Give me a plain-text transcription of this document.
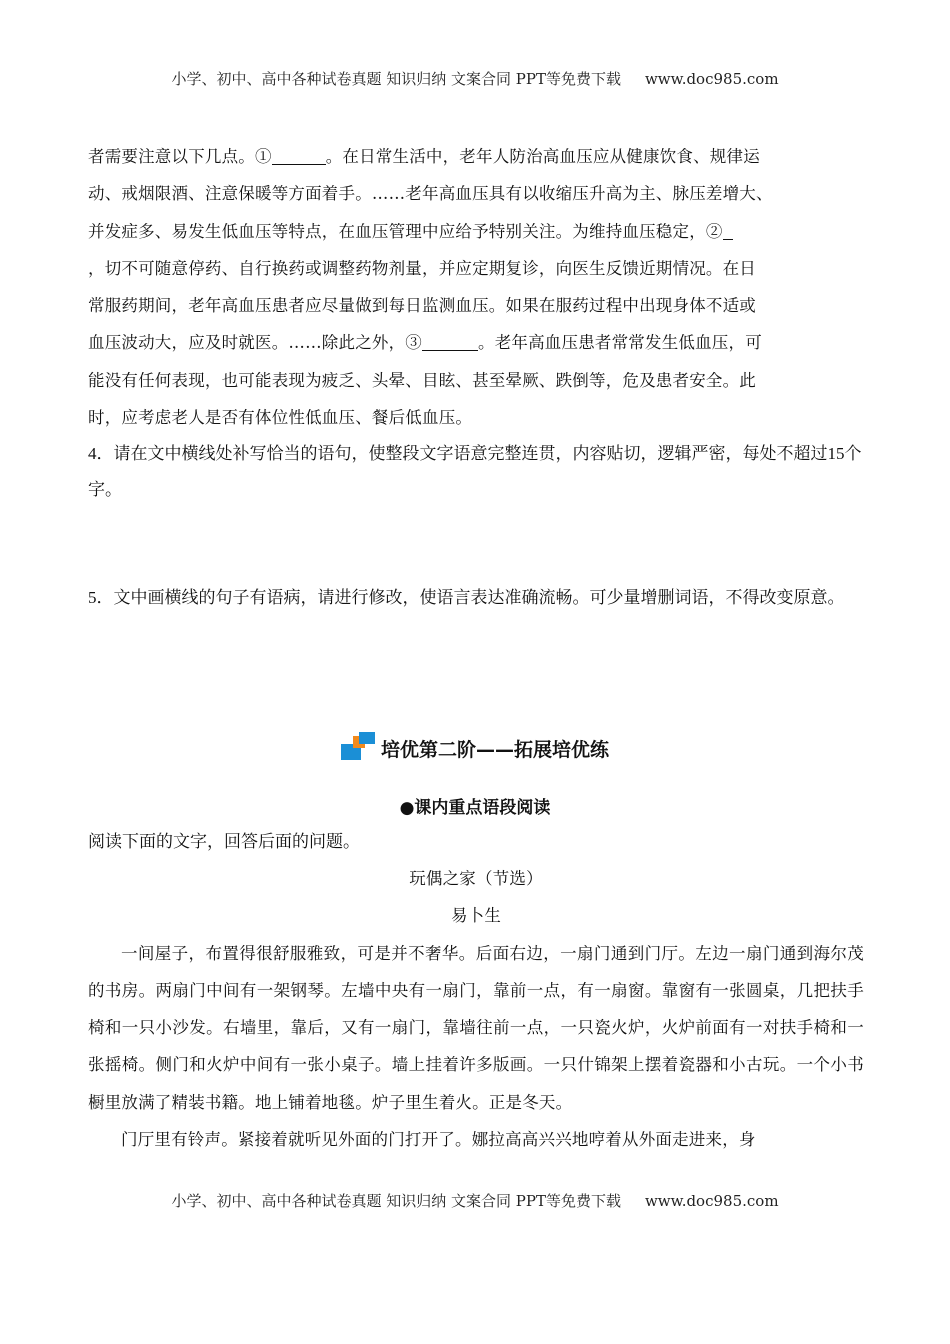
小学、初中、高中各种试卷真题 知识归纳 文案合同 PPT等免费下载 www.doc985.com

者需要注意以下几点。①	。在日常生活中，老年人防治高血压应从健康饮食、规律运

动、戒烟限酒、注意保暖等方面着手。……老年高血压具有以收缩压升高为主、脉压差增大、

并发症多、易发生低血压等特点，在血压管理中应给予特别关注。为维持血压稳定，②

，切不可随意停药、自行换药或调整药物剂量，并应定期复诊，向医生反馈近期情况。在日

常服药期间，老年高血压患者应尽量做到每日监测血压。如果在服药过程中出现身体不适或

血压波动大，应及时就医。……除此之外，③	。老年高血压患者常常发生低血压，可

能没有任何表现，也可能表现为疲乏、头晕、目眩、甚至晕厥、跌倒等，危及患者安全。此

时，应考虑老人是否有体位性低血压、餐后低血压。

4．请在文中横线处补写恰当的语句，使整段文字语意完整连贯，内容贴切，逻辑严密，每处不超过15个字。

5．文中画横线的句子有语病，请进行修改，使语言表达准确流畅。可少量增删词语，不得改变原意。

培优第二阶——拓展培优练
●课内重点语段阅读

阅读下面的文字，回答后面的问题。

玩偶之家（节选）

易卜生

一间屋子，布置得很舒服雅致，可是并不奢华。后面右边，一扇门通到门厅。左边一扇门通到海尔茂的书房。两扇门中间有一架钢琴。左墙中央有一扇门，靠前一点，有一扇窗。靠窗有一张圆桌，几把扶手椅和一只小沙发。右墙里，靠后，又有一扇门，靠墙往前一点，一只瓷火炉，火炉前面有一对扶手椅和一张摇椅。侧门和火炉中间有一张小桌子。墙上挂着许多版画。一只什锦架上摆着瓷器和小古玩。一个小书橱里放满了精装书籍。地上铺着地毯。炉子里生着火。正是冬天。

门厅里有铃声。紧接着就听见外面的门打开了。娜拉高高兴兴地哼着从外面走进来，身

小学、初中、高中各种试卷真题 知识归纳 文案合同 PPT等免费下载 www.doc985.com
